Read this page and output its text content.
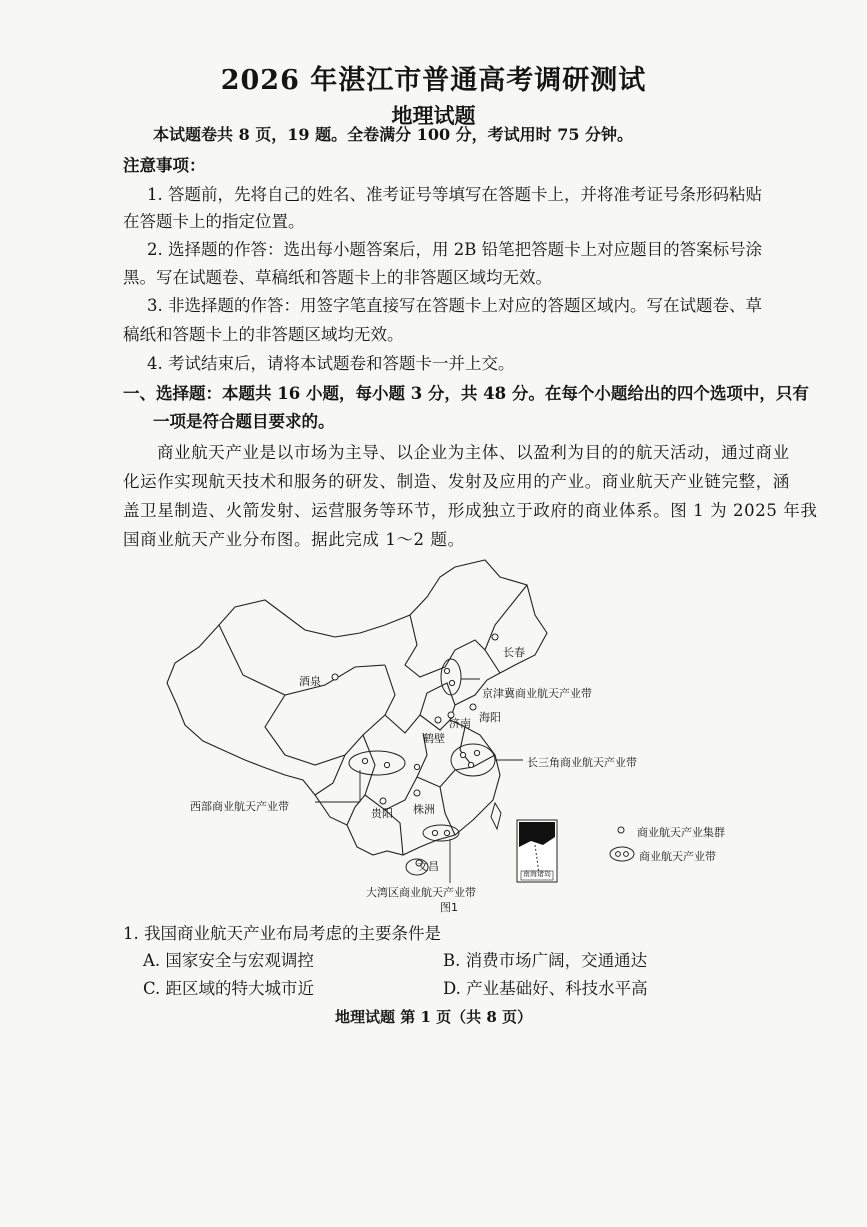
2026 年湛江市普通高考调研测试
地理试题
本试题卷共 8 页，19 题。全卷满分 100 分，考试用时 75 分钟。
注意事项：
1. 答题前，先将自己的姓名、准考证号等填写在答题卡上，并将准考证号条形码粘贴
在答题卡上的指定位置。
2. 选择题的作答：选出每小题答案后，用 2B 铅笔把答题卡上对应题目的答案标号涂
黑。写在试题卷、草稿纸和答题卡上的非答题区域均无效。
3. 非选择题的作答：用签字笔直接写在答题卡上对应的答题区域内。写在试题卷、草
稿纸和答题卡上的非答题区域均无效。
4. 考试结束后，请将本试题卷和答题卡一并上交。
一、选择题：本题共 16 小题，每小题 3 分，共 48 分。在每个小题给出的四个选项中，只有
一项是符合题目要求的。
商业航天产业是以市场为主导、以企业为主体、以盈利为目的的航天活动，通过商业
化运作实现航天技术和服务的研发、制造、发射及应用的产业。商业航天产业链完整，涵
盖卫星制造、火箭发射、运营服务等环节，形成独立于政府的商业体系。图 1 为 2025 年我
国商业航天产业分布图。据此完成 1～2 题。
长春
酒泉
济南 海阳
鹤壁
株洲
贵阳
文昌
京津冀商业航天产业带
长三角商业航天产业带
西部商业航天产业带
大湾区商业航天产业带
南海诸岛
商业航天产业集群
商业航天产业带
图1
1. 我国商业航天产业布局考虑的主要条件是
A. 国家安全与宏观调控	B. 消费市场广阔，交通通达
C. 距区域的特大城市近	D. 产业基础好、科技水平高
地理试题 第 1 页（共 8 页）
